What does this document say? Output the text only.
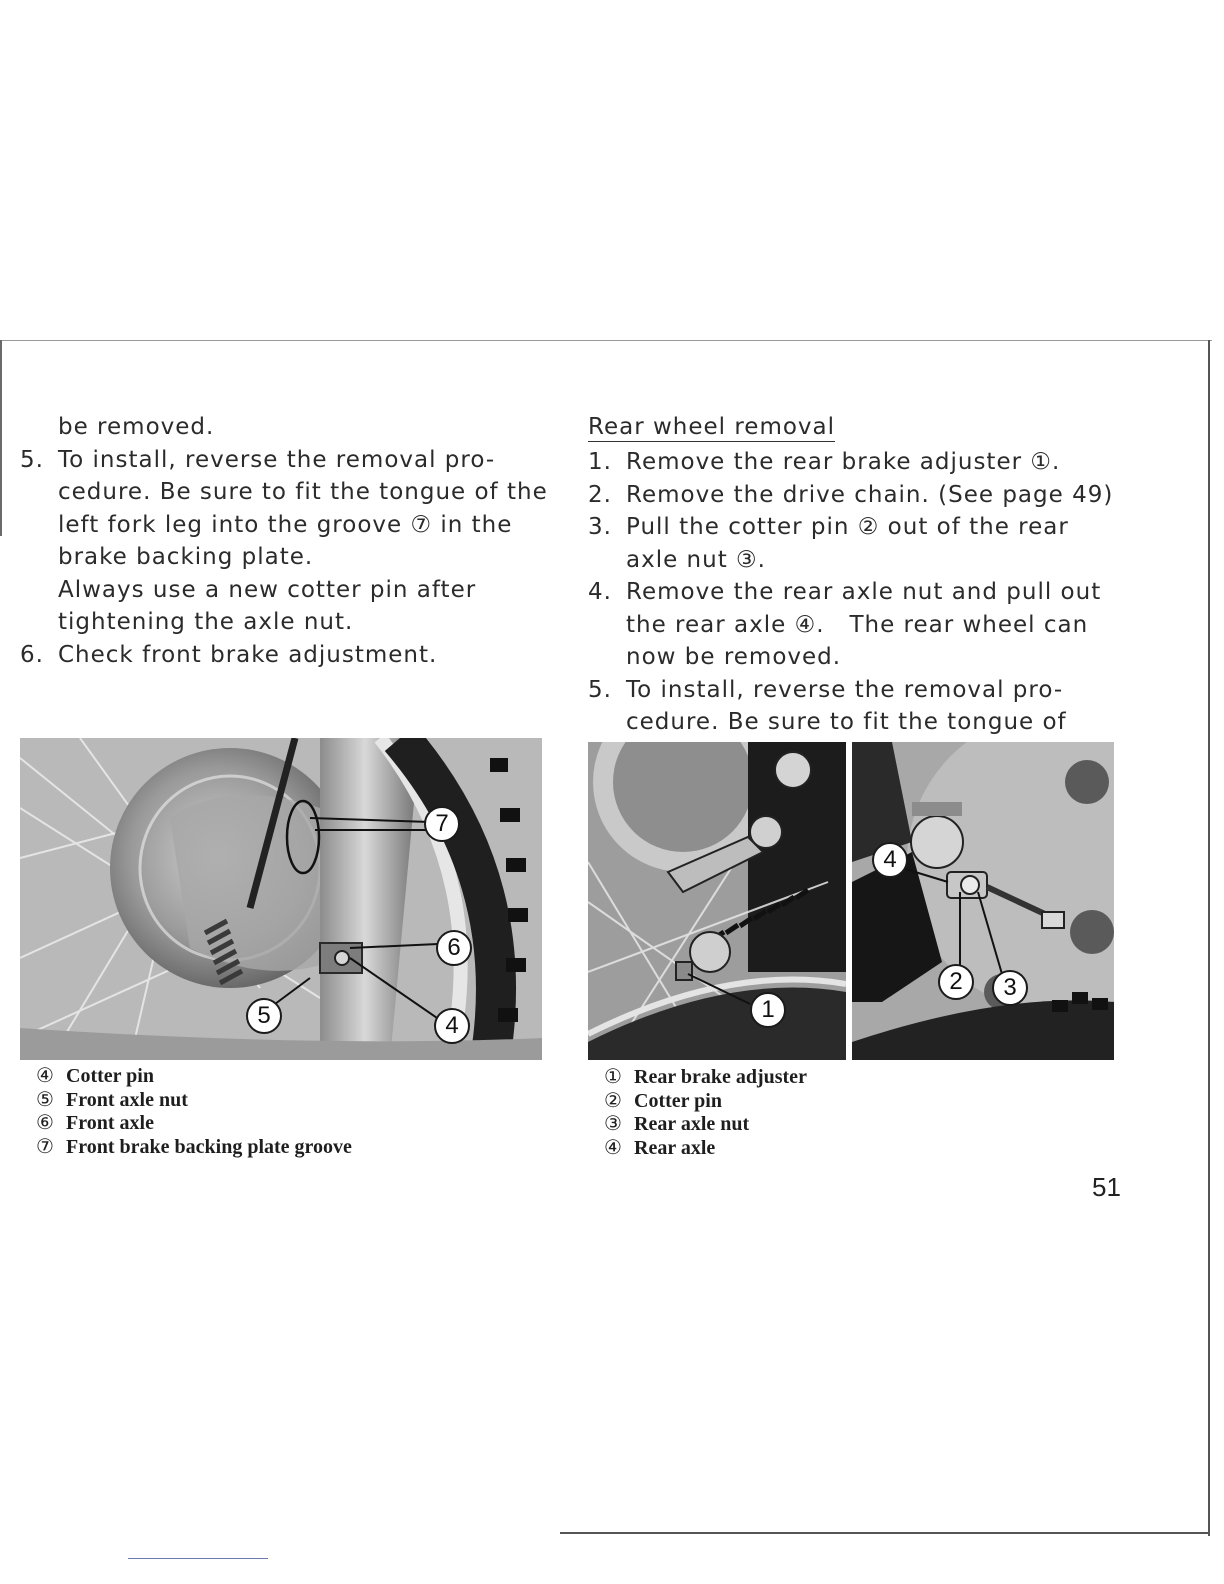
be removed.
5. To install, reverse the removal pro-
cedure. Be sure to fit the tongue of the
left fork leg into the groove ⑦ in the
brake backing plate.
Always use a new cotter pin after
tightening the axle nut.
6. Check front brake adjustment.
Rear wheel removal
1. Remove the rear brake adjuster ①.
2. Remove the drive chain. (See page 49)
3. Pull the cotter pin ② out of the rear
axle nut ③.
4. Remove the rear axle nut and pull out
the rear axle ④.   The rear wheel can
now be removed.
5. To install, reverse the removal pro-
cedure. Be sure to fit the tongue of
7
6
5	4
1
4
2	3
④ Cotter pin
⑤ Front axle nut
⑥ Front axle
⑦ Front brake backing plate groove
① Rear brake adjuster
② Cotter pin
③ Rear axle nut
④ Rear axle
51
